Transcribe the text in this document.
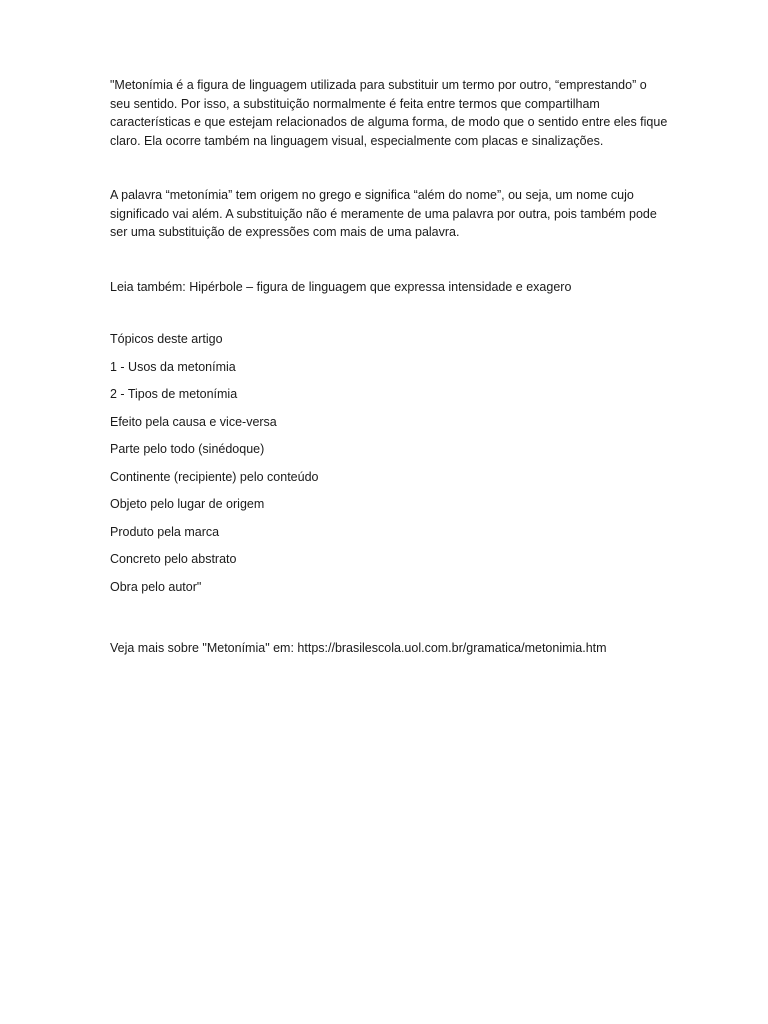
"Metonímia é a figura de linguagem utilizada para substituir um termo por outro, “emprestando” o seu sentido. Por isso, a substituição normalmente é feita entre termos que compartilham características e que estejam relacionados de alguma forma, de modo que o sentido entre eles fique claro. Ela ocorre também na linguagem visual, especialmente com placas e sinalizações.

A palavra “metonímia” tem origem no grego e significa “além do nome”, ou seja, um nome cujo significado vai além. A substituição não é meramente de uma palavra por outra, pois também pode ser uma substituição de expressões com mais de uma palavra.

Leia também: Hipérbole – figura de linguagem que expressa intensidade e exagero

Tópicos deste artigo

1 - Usos da metonímia

2 - Tipos de metonímia

Efeito pela causa e vice-versa

Parte pelo todo (sinédoque)

Continente (recipiente) pelo conteúdo

Objeto pelo lugar de origem

Produto pela marca

Concreto pelo abstrato

Obra pelo autor"

Veja mais sobre "Metonímia" em: https://brasilescola.uol.com.br/gramatica/metonimia.htm
